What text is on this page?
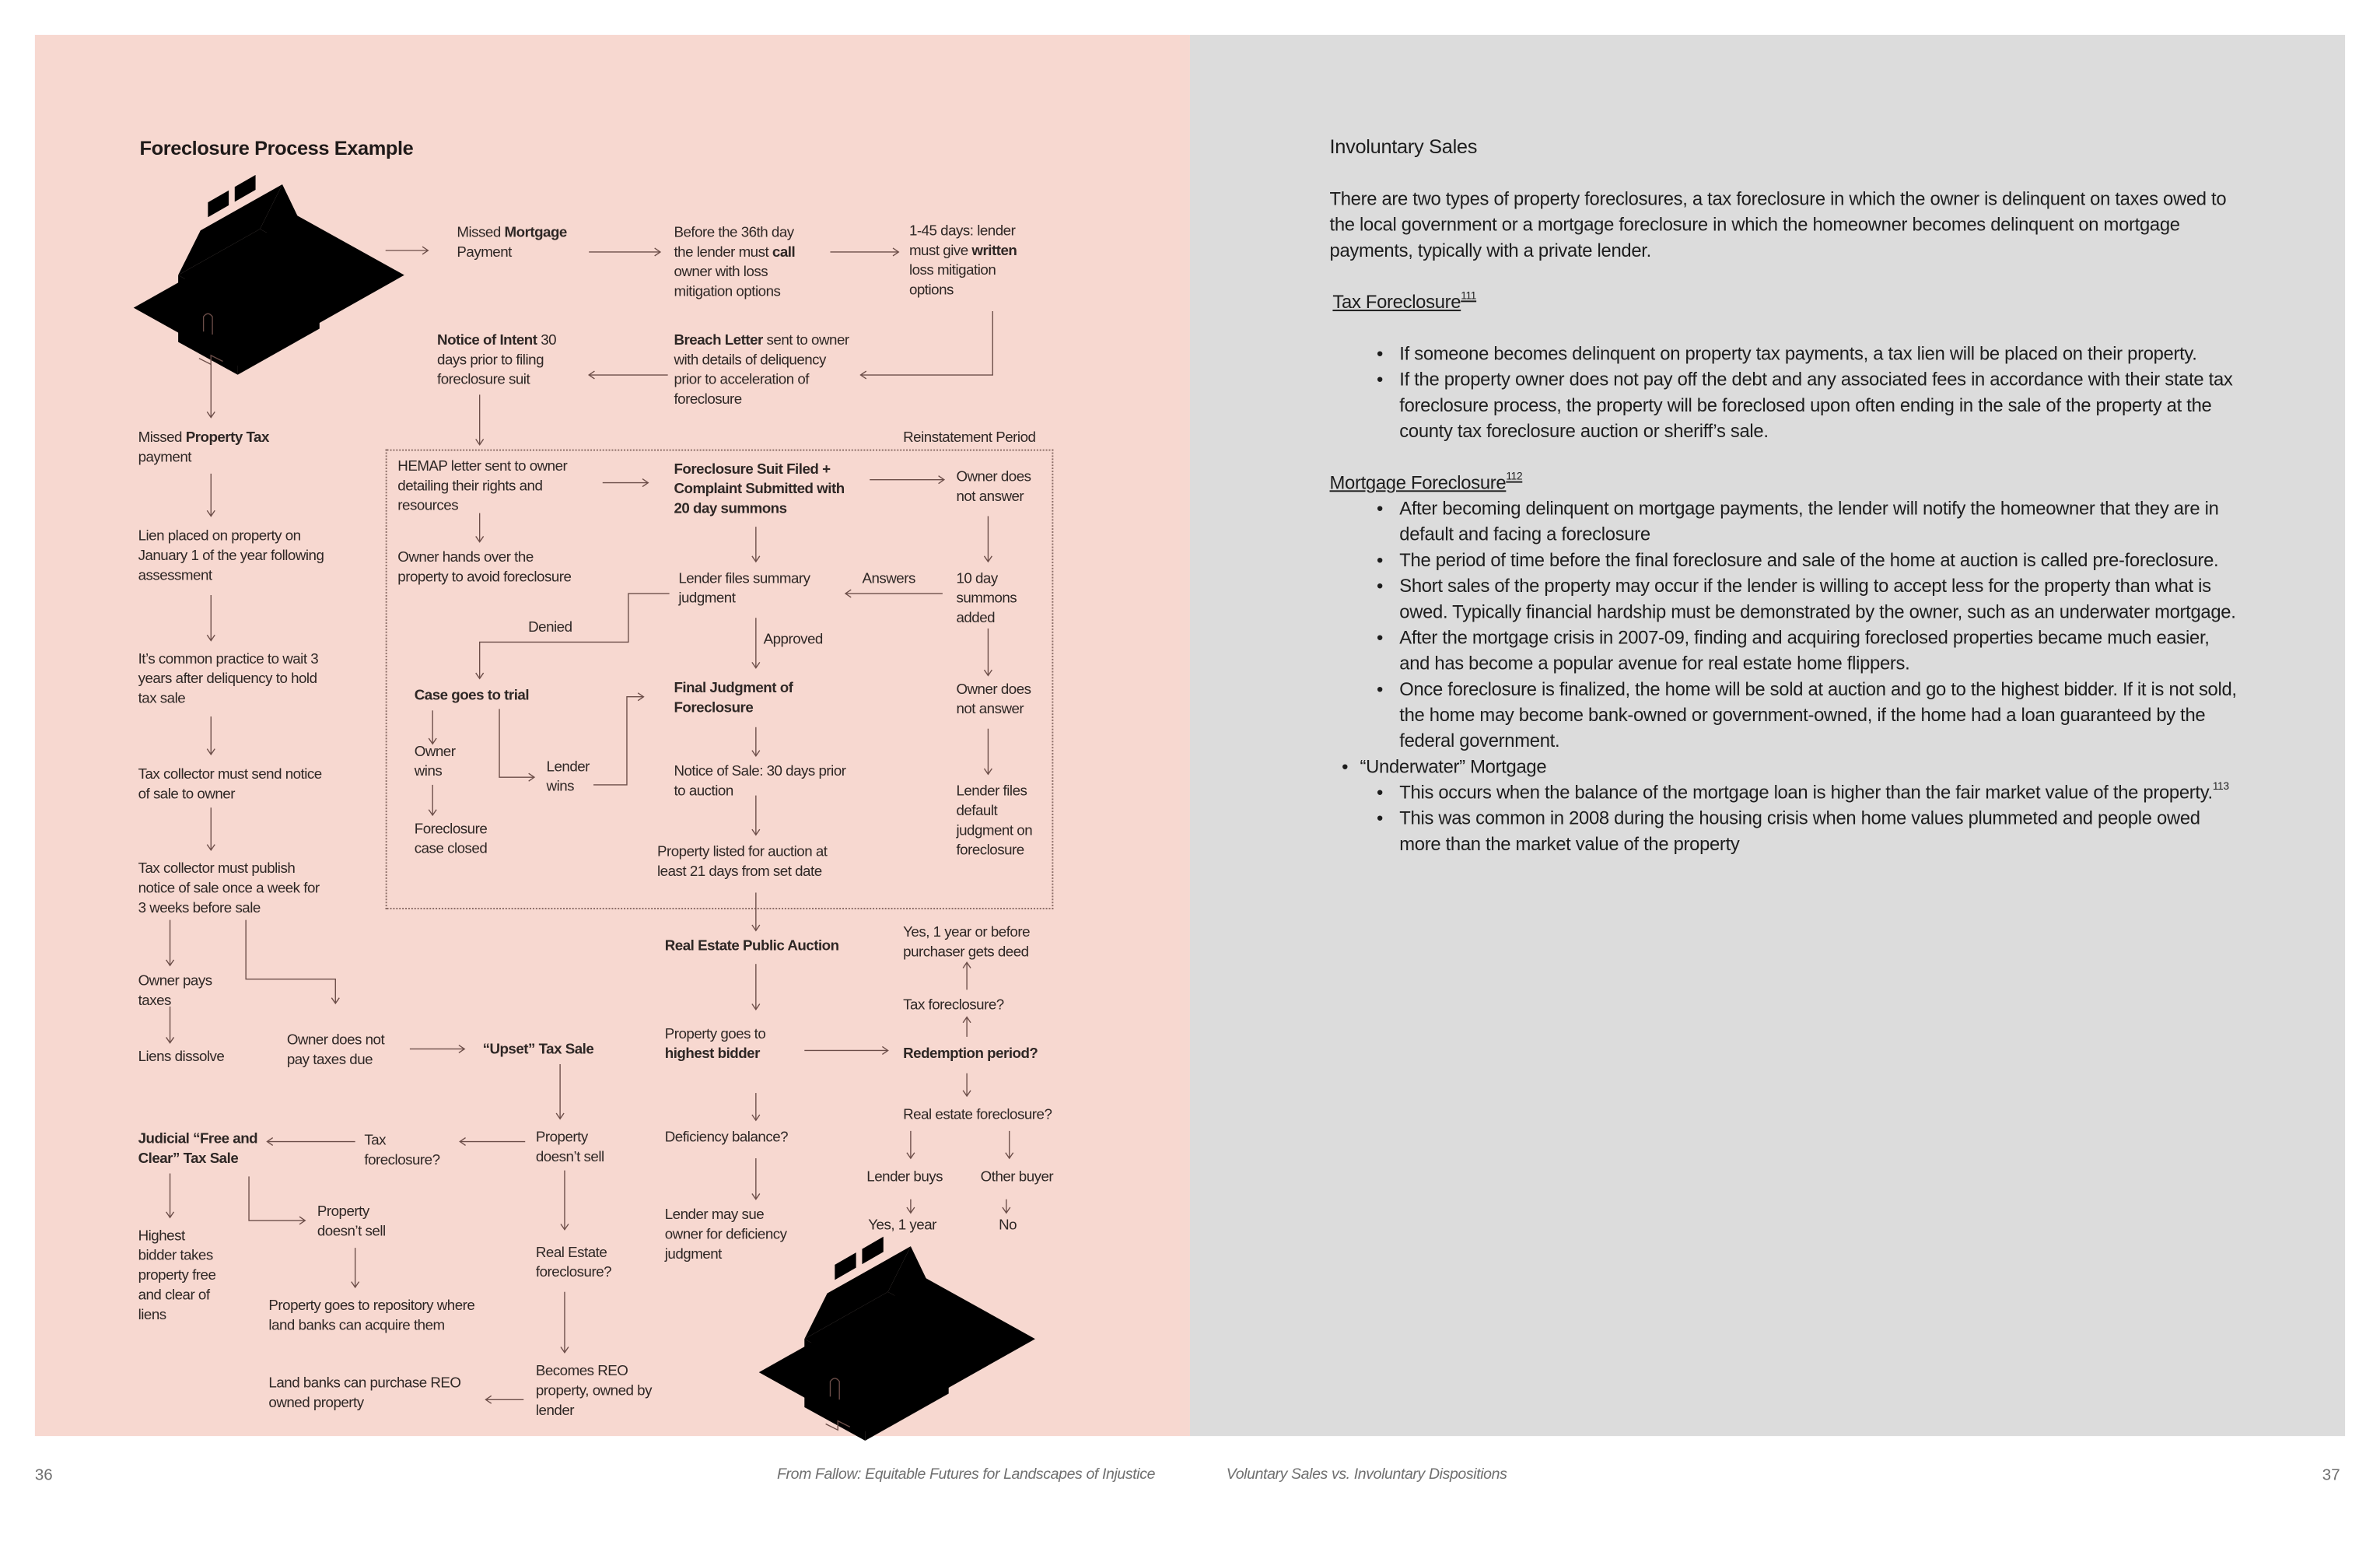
Foreclosure Process Example
Missed Mortgage
Payment
Before the 36th day
the lender must call
owner with loss
mitigation options
1-45 days: lender
must give written
loss mitigation
options
Notice of Intent 30
days prior to filing
foreclosure suit
Breach Letter sent to owner
with details of deliquency
prior to acceleration of
foreclosure
Missed Property Tax
payment
Reinstatement Period
HEMAP letter sent to owner
detailing their rights and
resources
Foreclosure Suit Filed +
Complaint Submitted with
20 day summons
Owner does
not answer
Owner hands over the
property to avoid foreclosure	Lender files summary
judgment
Answers	10 day
summons
added
Denied
Approved
Case goes to trial	Final Judgment of
Foreclosure
Owner does
not answer
Owner
wins	Lender
wins
Notice of Sale: 30 days prior
to auction	Lender files
default
judgment on
foreclosure
Foreclosure
case closed	Property listed for auction at
least 21 days from set date
Lien placed on property on
January 1 of the year following
assessment
It’s common practice to wait 3
years after deliquency to hold
tax sale
Tax collector must send notice
of sale to owner
Tax collector must publish
notice of sale once a week for
3 weeks before sale
Real Estate Public Auction
Yes, 1 year or before
purchaser gets deed
Tax foreclosure?
Owner pays
taxes
Owner does not
pay taxes due
“Upset” Tax Sale
Property goes to
highest bidder	Redemption period?
Liens dissolve
Real estate foreclosure?
Judicial “Free and
Clear” Tax Sale
Tax
foreclosure?
Property
doesn’t sell
Deficiency balance?
Lender buys	Other buyer
Yes, 1 year	No
Lender may sue
owner for deficiency
judgment
Property
doesn’t sell
Highest
bidder takes
property free
and clear of
liens
Real Estate
foreclosure?
Property goes to repository where
land banks can acquire them
Becomes REO
property, owned by
lender
Land banks can purchase REO
owned property
Involuntary Sales

There are two types of property foreclosures, a tax foreclosure in which the owner is delinquent on taxes owed to the local government or a mortgage foreclosure in which the homeowner becomes delinquent on mortgage payments, typically with a private lender.

Tax Foreclosure$^{111}$
• If someone becomes delinquent on property tax payments, a tax lien will be placed on their property.
• If the property owner does not pay off the debt and any associated fees in accordance with their state tax foreclosure process, the property will be foreclosed upon often ending in the sale of the property at the county tax foreclosure auction or sheriff’s sale.
Mortgage Foreclosure$^{112}$
• After becoming delinquent on mortgage payments, the lender will notify the homeowner that they are in default and facing a foreclosure
• The period of time before the final foreclosure and sale of the home at auction is called pre-foreclosure.
• Short sales of the property may occur if the lender is willing to accept less for the property than what is owed. Typically financial hardship must be demonstrated by the owner, such as an underwater mortgage.
• After the mortgage crisis in 2007-09, finding and acquiring foreclosed properties became much easier, and has become a popular avenue for real estate home flippers.
• Once foreclosure is finalized, the home will be sold at auction and go to the highest bidder. If it is not sold, the home may become bank-owned or government-owned, if the home had a loan guaranteed by the federal government.
• “Underwater” Mortgage
• This occurs when the balance of the mortgage loan is higher than the fair market value of the property.$^{113}$
• This was common in 2008 during the housing crisis when home values plummeted and people owed more than the market value of the property
36	From Fallow: Equitable Futures for Landscapes of Injustice	Voluntary Sales vs. Involuntary Dispositions	37
